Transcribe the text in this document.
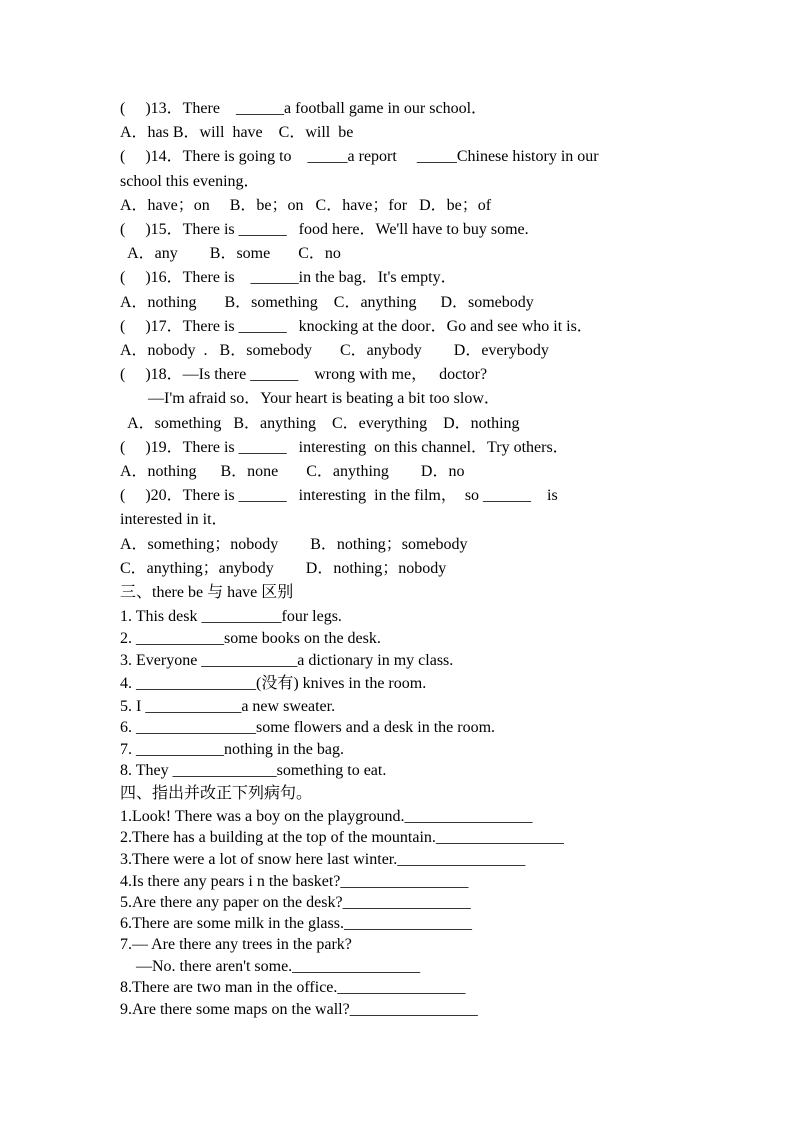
(     )13．There    ______a football game in our school．
A．has B．will  have    C．will  be
(     )14．There is going to    _____a report     _____Chinese history in our
school this evening．
A．have；on     B．be；on   C．have；for   D．be；of
(     )15．There is ______   food here．We'll have to buy some.
A．any        B．some       C．no
(     )16．There is    ______in the bag．It's empty．
A．nothing       B．something    C．anything      D．somebody
(     )17．There is ______   knocking at the door．Go and see who it is．
A．nobody  .   B．somebody       C．anybody        D．everybody
(     )18．—Is there ______    wrong with me，   doctor?
—I'm afraid so．Your heart is beating a bit too slow．
A．something   B．anything    C．everything    D．nothing
(     )19．There is ______   interesting  on this channel．Try others．
A．nothing      B．none       C．anything        D．no
(     )20．There is ______   interesting  in the film，  so ______    is
interested in it．
A．something；nobody        B．nothing；somebody
C．anything；anybody        D．nothing；nobody
三、there be 与 have 区别
1. This desk __________four legs.
2. ___________some books on the desk.
3. Everyone ____________a dictionary in my class.
4. _______________(没有) knives in the room.
5. I ____________a new sweater.
6. _______________some flowers and a desk in the room.
7. ___________nothing in the bag.
8. They _____________something to eat.
四、指出并改正下列病句。
1.Look! There was a boy on the playground.________________
2.There has a building at the top of the mountain.________________
3.There were a lot of snow here last winter.________________
4.Is there any pears i n the basket?________________
5.Are there any paper on the desk?________________
6.There are some milk in the glass.________________
7.— Are there any trees in the park?
—No. there aren't some.________________
8.There are two man in the office.________________
9.Are there some maps on the wall?________________
